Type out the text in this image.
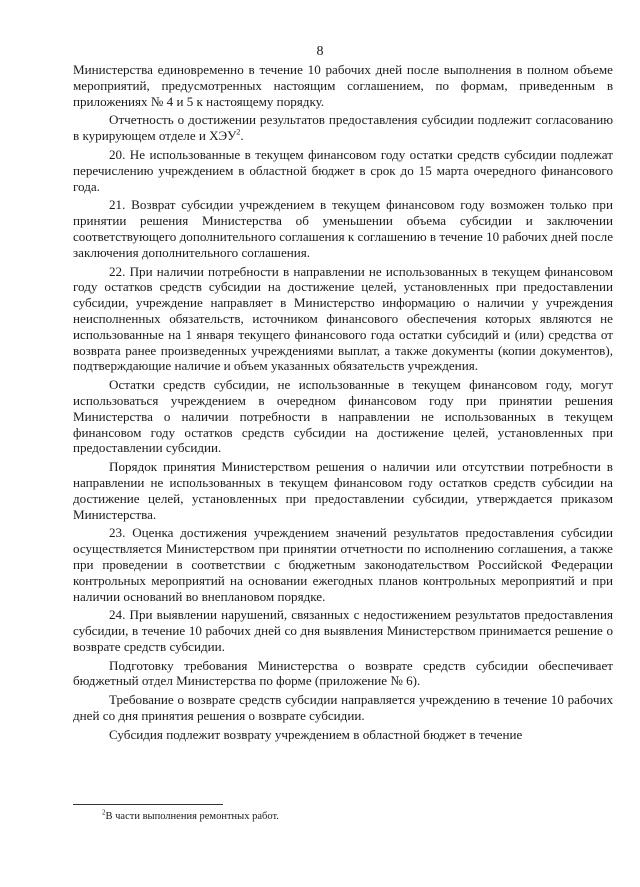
8

Министерства единовременно в течение 10 рабочих дней после выполнения в полном объеме мероприятий, предусмотренных настоящим соглашением, по формам, приведенным в приложениях № 4 и 5 к настоящему порядку.

Отчетность о достижении результатов предоставления субсидии подлежит согласованию в курирующем отделе и ХЭУ$^2$.

20. Не использованные в текущем финансовом году остатки средств субсидии подлежат перечислению учреждением в областной бюджет в срок до 15 марта очередного финансового года.

21. Возврат субсидии учреждением в текущем финансовом году возможен только при принятии решения Министерства об уменьшении объема субсидии и заключении соответствующего дополнительного соглашения к соглашению в течение 10 рабочих дней после заключения дополнительного соглашения.

22. При наличии потребности в направлении не использованных в текущем финансовом году остатков средств субсидии на достижение целей, установленных при предоставлении субсидии, учреждение направляет в Министерство информацию о наличии у учреждения неисполненных обязательств, источником финансового обеспечения которых являются не использованные на 1 января текущего финансового года остатки субсидий и (или) средства от возврата ранее произведенных учреждениями выплат, а также документы (копии документов), подтверждающие наличие и объем указанных обязательств учреждения.

Остатки средств субсидии, не использованные в текущем финансовом году, могут использоваться учреждением в очередном финансовом году при принятии решения Министерства о наличии потребности в направлении не использованных в текущем финансовом году остатков средств субсидии на достижение целей, установленных при предоставлении субсидии.

Порядок принятия Министерством решения о наличии или отсутствии потребности в направлении не использованных в текущем финансовом году остатков средств субсидии на достижение целей, установленных при предоставлении субсидии, утверждается приказом Министерства.

23. Оценка достижения учреждением значений результатов предоставления субсидии осуществляется Министерством при принятии отчетности по исполнению соглашения, а также при проведении в соответствии с бюджетным законодательством Российской Федерации контрольных мероприятий на основании ежегодных планов контрольных мероприятий и при наличии оснований во внеплановом порядке.

24. При выявлении нарушений, связанных с недостижением результатов предоставления субсидии, в течение 10 рабочих дней со дня выявления Министерством принимается решение о возврате средств субсидии.

Подготовку требования Министерства о возврате средств субсидии обеспечивает бюджетный отдел Министерства по форме (приложение № 6).

Требование о возврате средств субсидии направляется учреждению в течение 10 рабочих дней со дня принятия решения о возврате субсидии.

Субсидия подлежит возврату учреждением в областной бюджет в течение

$^2$В части выполнения ремонтных работ.
